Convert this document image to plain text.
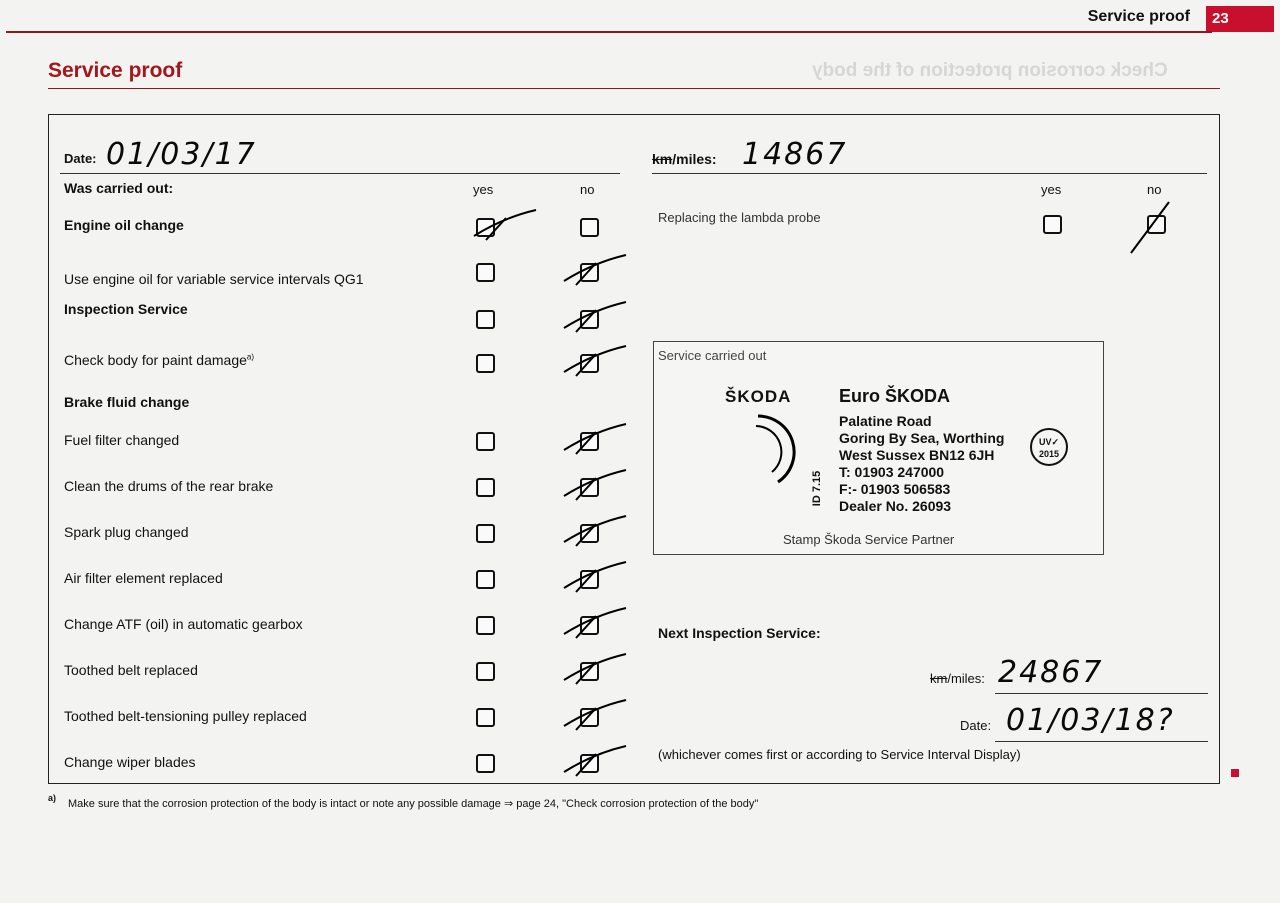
Service proof	23
Check corrosion protection of the body
Service proof
Date: 01/03/17
Was carried out:	yes	no
Engine oil change
Use engine oil for variable service intervals QG1
Inspection Service
Check body for paint damage$^{a)}$
Brake fluid change
Fuel filter changed
Clean the drums of the rear brake
Spark plug changed
Air filter element replaced
Change ATF (oil) in automatic gearbox
Toothed belt replaced
Toothed belt-tensioning pulley replaced
Change wiper blades
km/miles: 14867
yes	no
Replacing the lambda probe
Service carried out
ŠKODA	Euro ŠKODA
Palatine Road
Goring By Sea, Worthing
West Sussex BN12 6JH
T: 01903 247000
F:- 01903 506583
Dealer No. 26093
ID 7.15
UV✓
2015
Stamp Škoda Service Partner
Next Inspection Service:
km/miles: 24867
Date: 01/03/18?
(whichever comes first or according to Service Interval Display)
a) Make sure that the corrosion protection of the body is intact or note any possible damage ⇒ page 24, "Check corrosion protection of the body"
